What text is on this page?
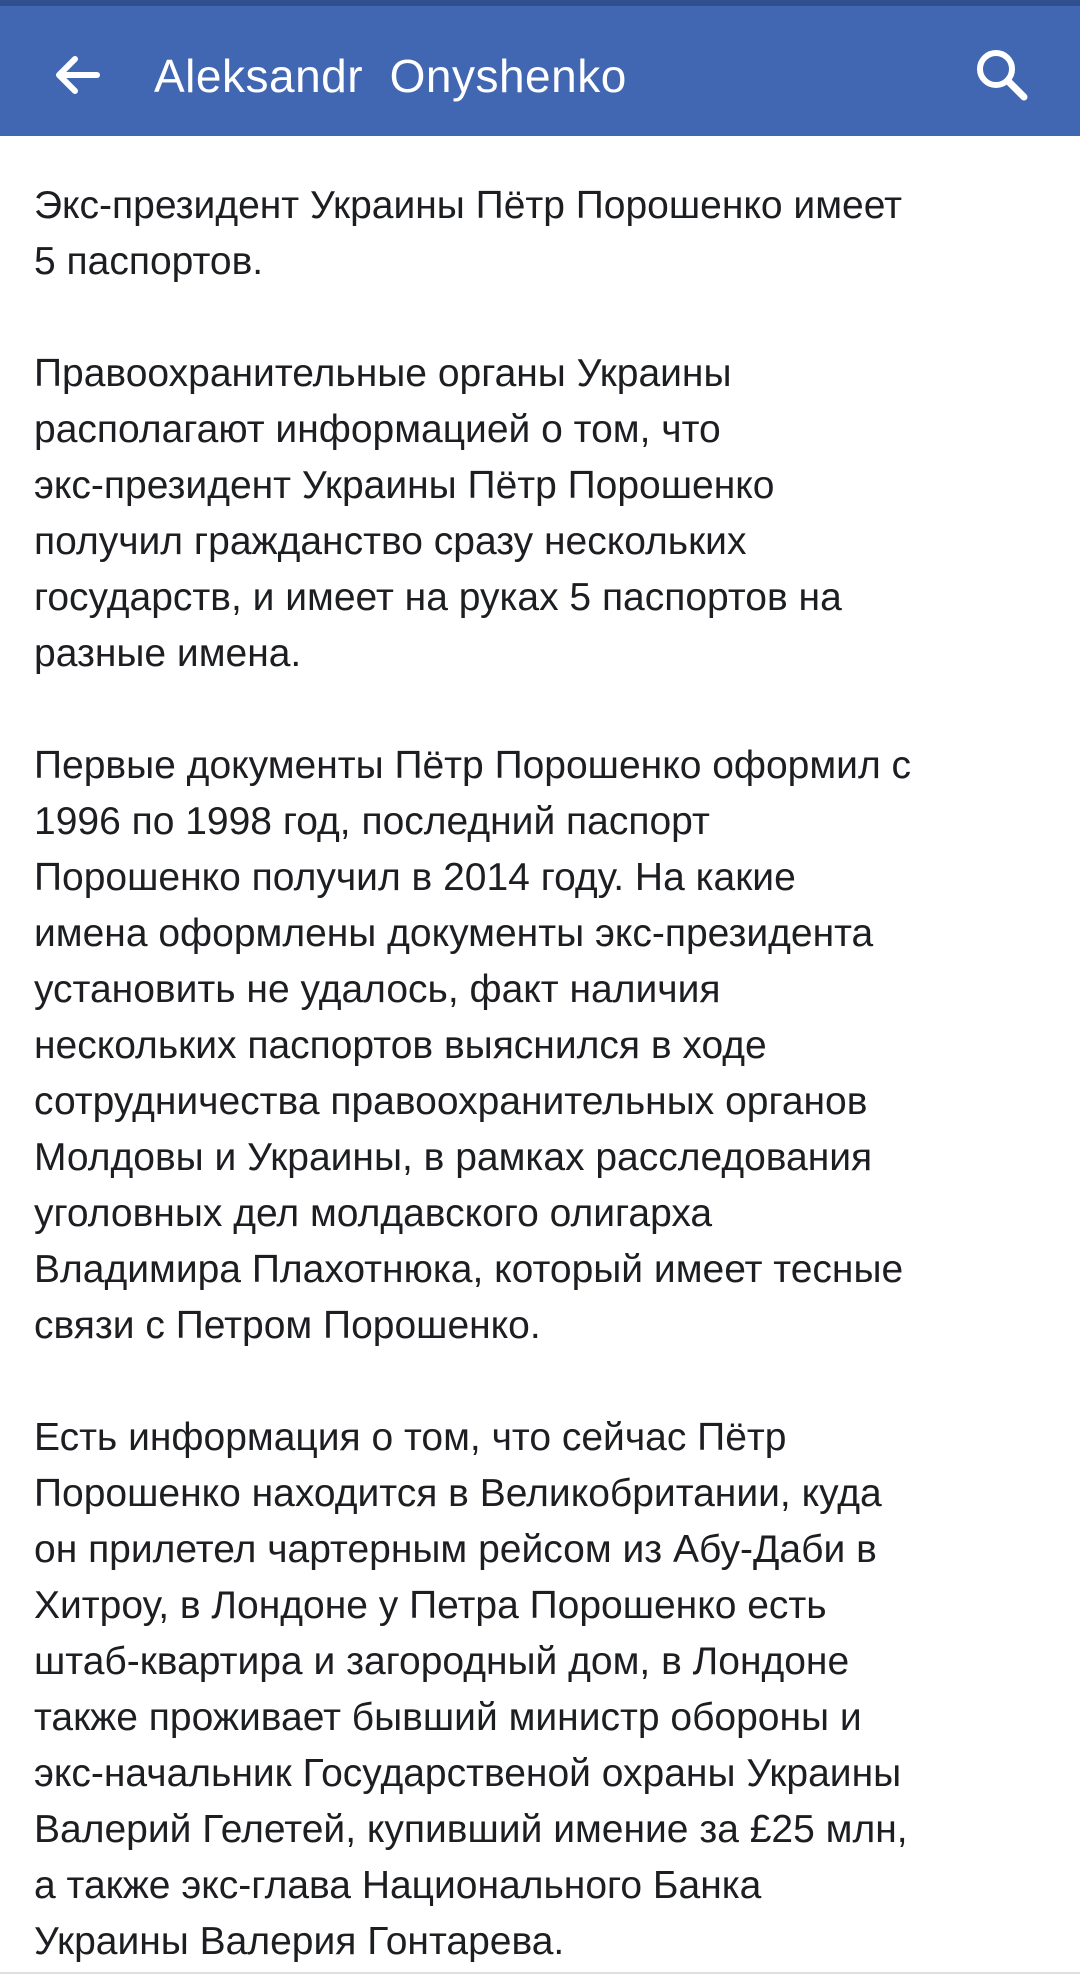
Aleksandr  Onyshenko

Экс-президент Украины Пётр Порошенко имеет
5 паспортов.

Правоохранительные органы Украины
располагают информацией о том, что
экс-президент Украины Пётр Порошенко
получил гражданство сразу нескольких
государств, и имеет на руках 5 паспортов на
разные имена.

Первые документы Пётр Порошенко оформил с
1996 по 1998 год, последний паспорт
Порошенко получил в 2014 году. На какие
имена оформлены документы экс-президента
установить не удалось, факт наличия
нескольких паспортов выяснился в ходе
сотрудничества правоохранительных органов
Молдовы и Украины, в рамках расследования
уголовных дел молдавского олигарха
Владимира Плахотнюка, который имеет тесные
связи с Петром Порошенко.

Есть информация о том, что сейчас Пётр
Порошенко находится в Великобритании, куда
он прилетел чартерным рейсом из Абу-Даби в
Хитроу, в Лондоне у Петра Порошенко есть
штаб-квартира и загородный дом, в Лондоне
также проживает бывший министр обороны и
экс-начальник Государственой охраны Украины
Валерий Гелетей, купивший имение за £25 млн,
а также экс-глава Национального Банка
Украины Валерия Гонтарева.
